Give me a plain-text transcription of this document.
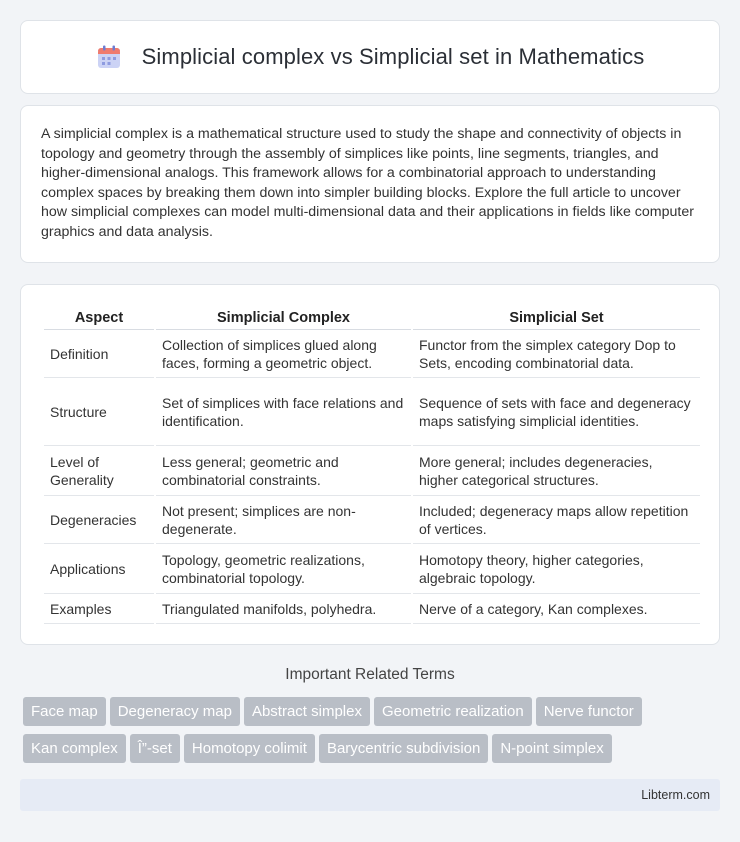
Simplicial complex vs Simplicial set in Mathematics

A simplicial complex is a mathematical structure used to study the shape and connectivity of objects in topology and geometry through the assembly of simplices like points, line segments, triangles, and higher-dimensional analogs. This framework allows for a combinatorial approach to understanding complex spaces by breaking them down into simpler building blocks. Explore the full article to uncover how simplicial complexes can model multi-dimensional data and their applications in fields like computer graphics and data analysis.

Aspect	Simplicial Complex	Simplicial Set
Definition	Collection of simplices glued along faces, forming a geometric object.	Functor from the simplex category Dop to Sets, encoding combinatorial data.
Structure	Set of simplices with face relations and identification.	Sequence of sets with face and degeneracy maps satisfying simplicial identities.
Level of Generality	Less general; geometric and combinatorial constraints.	More general; includes degeneracies, higher categorical structures.
Degeneracies	Not present; simplices are non-degenerate.	Included; degeneracy maps allow repetition of vertices.
Applications	Topology, geometric realizations, combinatorial topology.	Homotopy theory, higher categories, algebraic topology.
Examples	Triangulated manifolds, polyhedra.	Nerve of a category, Kan complexes.
Important Related Terms
Face map Degeneracy map Abstract simplex Geometric realization Nerve functor
Kan complex Î”-set Homotopy colimit Barycentric subdivision N-point simplex
Libterm.com
